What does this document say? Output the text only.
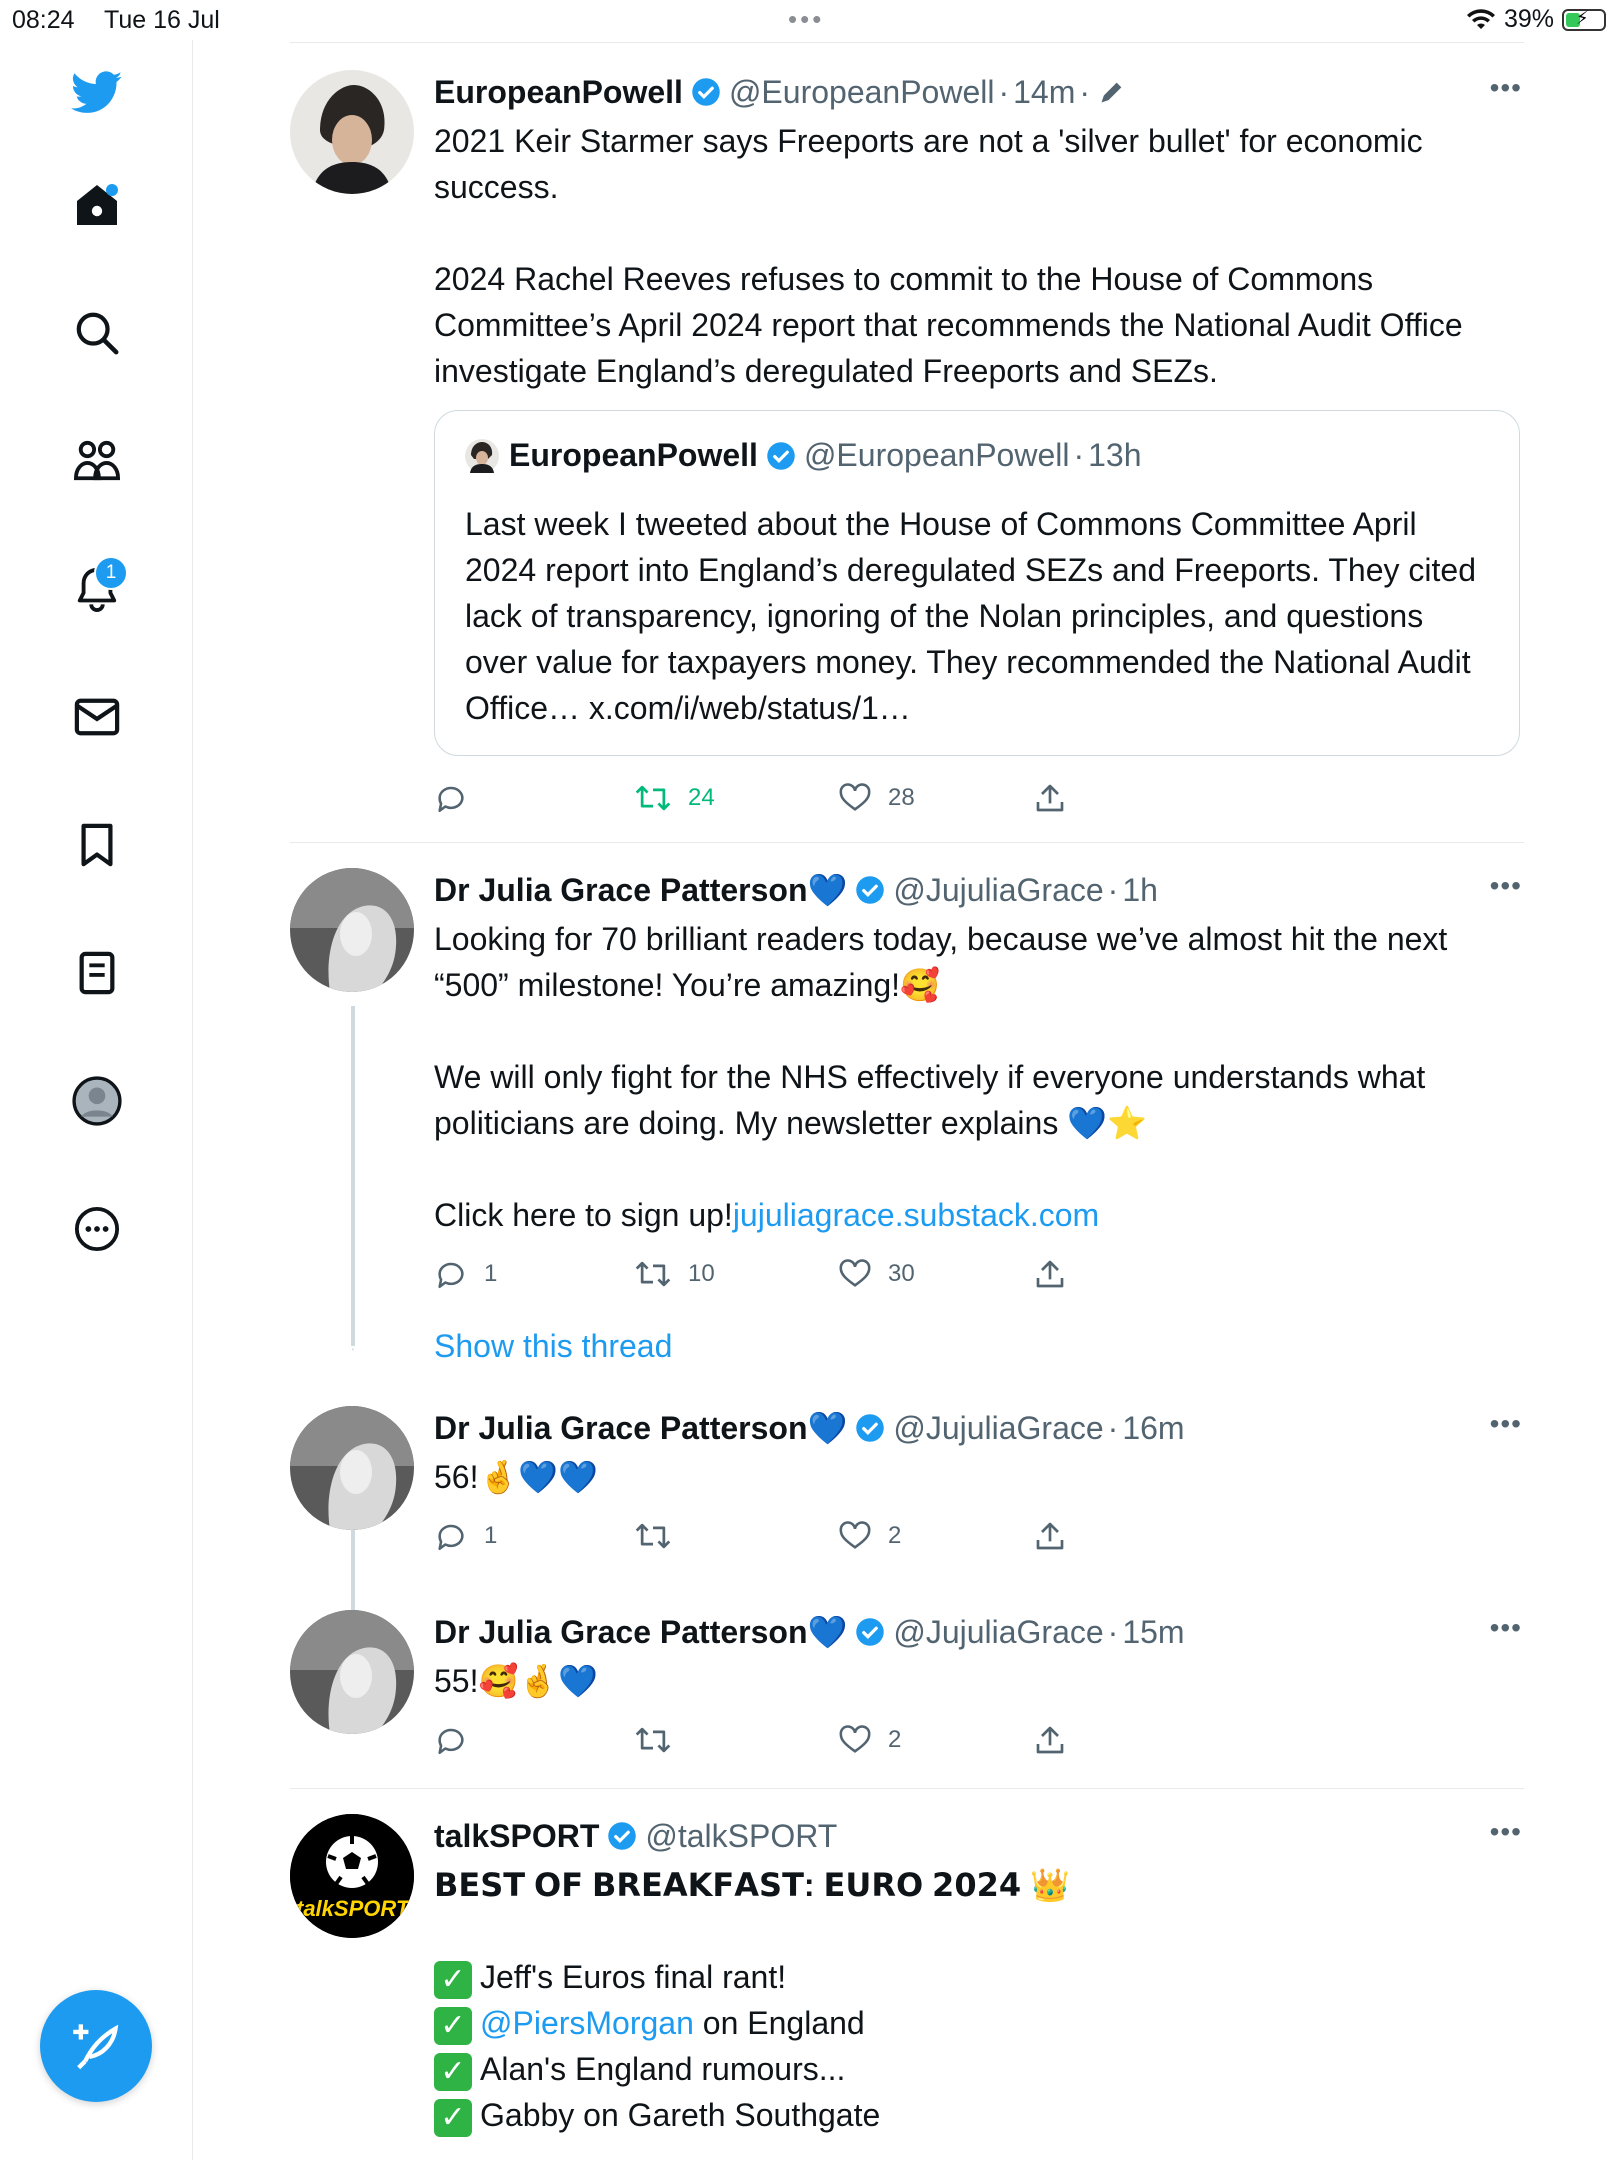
08:24 Tue 16 Jul	•••	39% ⚡
1
EuropeanPowell @EuropeanPowell · 14m ·	•••
2021 Keir Starmer says Freeports are not a 'silver bullet' for economic success.

2024 Rachel Reeves refuses to commit to the House of Commons Committee’s April 2024 report that recommends the National Audit Office  investigate England’s deregulated Freeports and SEZs.
EuropeanPowell @EuropeanPowell · 13h
Last week I tweeted about the House of Commons Committee April 2024 report into England’s deregulated SEZs and Freeports. They cited lack of transparency, ignoring of the Nolan principles, and questions over value for taxpayers money. They recommended the National Audit Office… x.com/i/web/status/1…
24	28
Dr Julia Grace Patterson💙 @JujuliaGrace · 1h	•••
Looking for 70 brilliant readers today, because we’ve almost hit the next “500” milestone! You’re amazing!🥰

We will only fight for the NHS effectively if everyone understands what politicians are doing. My newsletter explains 💙⭐

Click here to sign up!jujuliagrace.substack.com
1	10	30
Show this thread
⋮
Dr Julia Grace Patterson💙 @JujuliaGrace · 16m	•••
56!🤞💙💙
1	2
Dr Julia Grace Patterson💙 @JujuliaGrace · 15m	•••
55!🥰🤞💙
2
talkSPORT
talkSPORT @talkSPORT	•••
𝗕𝗘𝗦𝗧 𝗢𝗙 𝗕𝗥𝗘𝗔𝗞𝗙𝗔𝗦𝗧: 𝗘𝗨𝗥𝗢 𝟮𝟬𝟮𝟰 👑
✓ Jeff's Euros final rant!
✓ @PiersMorgan on England
✓ Alan's England rumours...
✓ Gabby on Gareth Southgate
